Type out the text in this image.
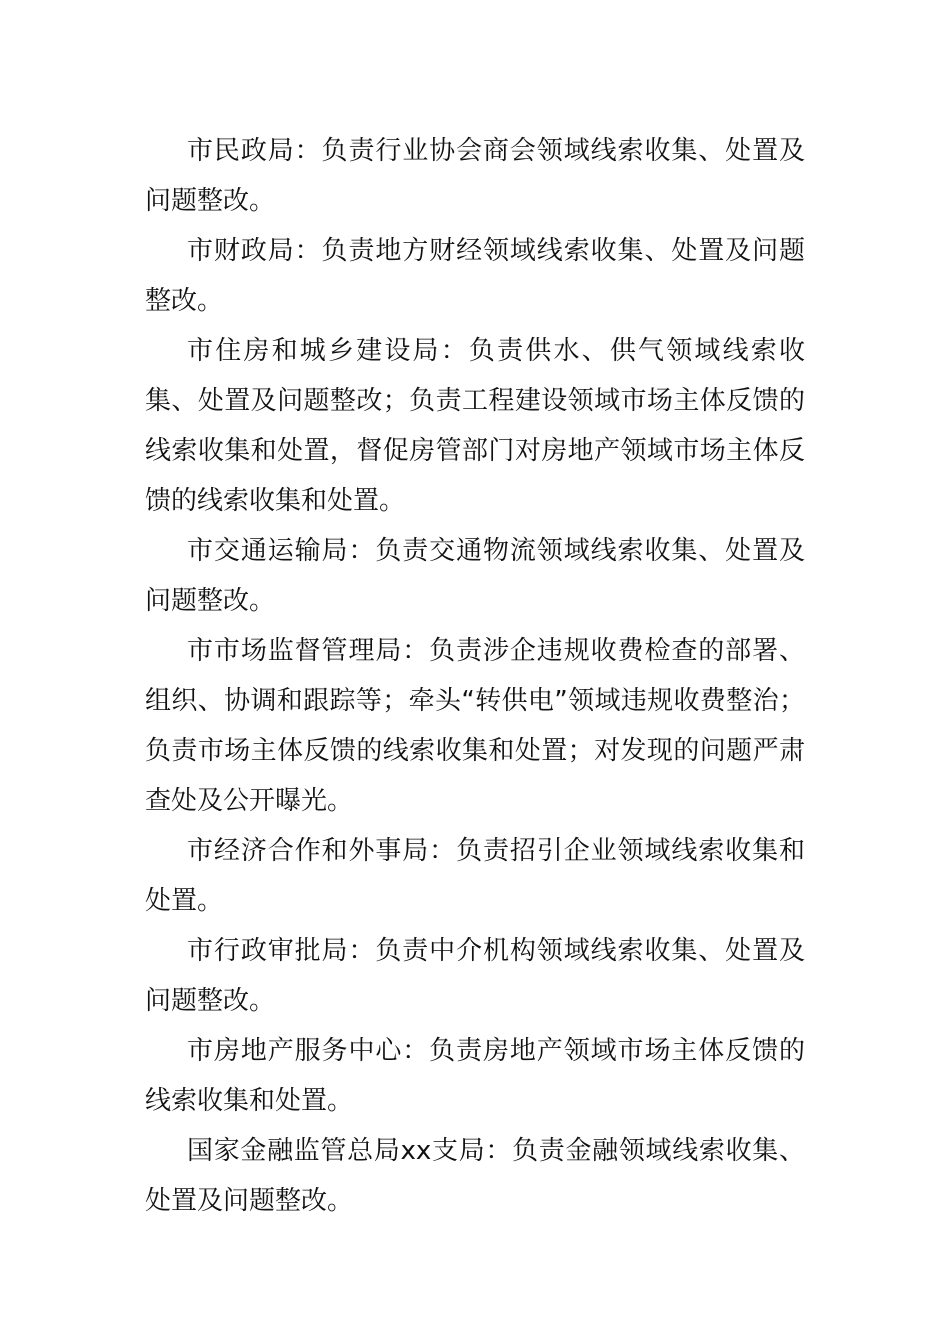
市民政局：负责行业协会商会领域线索收集、处置及问题整改。

市财政局：负责地方财经领域线索收集、处置及问题整改。

市住房和城乡建设局：负责供水、供气领域线索收集、处置及问题整改；负责工程建设领域市场主体反馈的线索收集和处置，督促房管部门对房地产领域市场主体反馈的线索收集和处置。

市交通运输局：负责交通物流领域线索收集、处置及问题整改。

市市场监督管理局：负责涉企违规收费检查的部署、组织、协调和跟踪等；牵头“转供电”领域违规收费整治；负责市场主体反馈的线索收集和处置；对发现的问题严肃查处及公开曝光。

市经济合作和外事局：负责招引企业领域线索收集和处置。

市行政审批局：负责中介机构领域线索收集、处置及问题整改。

市房地产服务中心：负责房地产领域市场主体反馈的线索收集和处置。

国家金融监管总局xx支局：负责金融领域线索收集、处置及问题整改。
